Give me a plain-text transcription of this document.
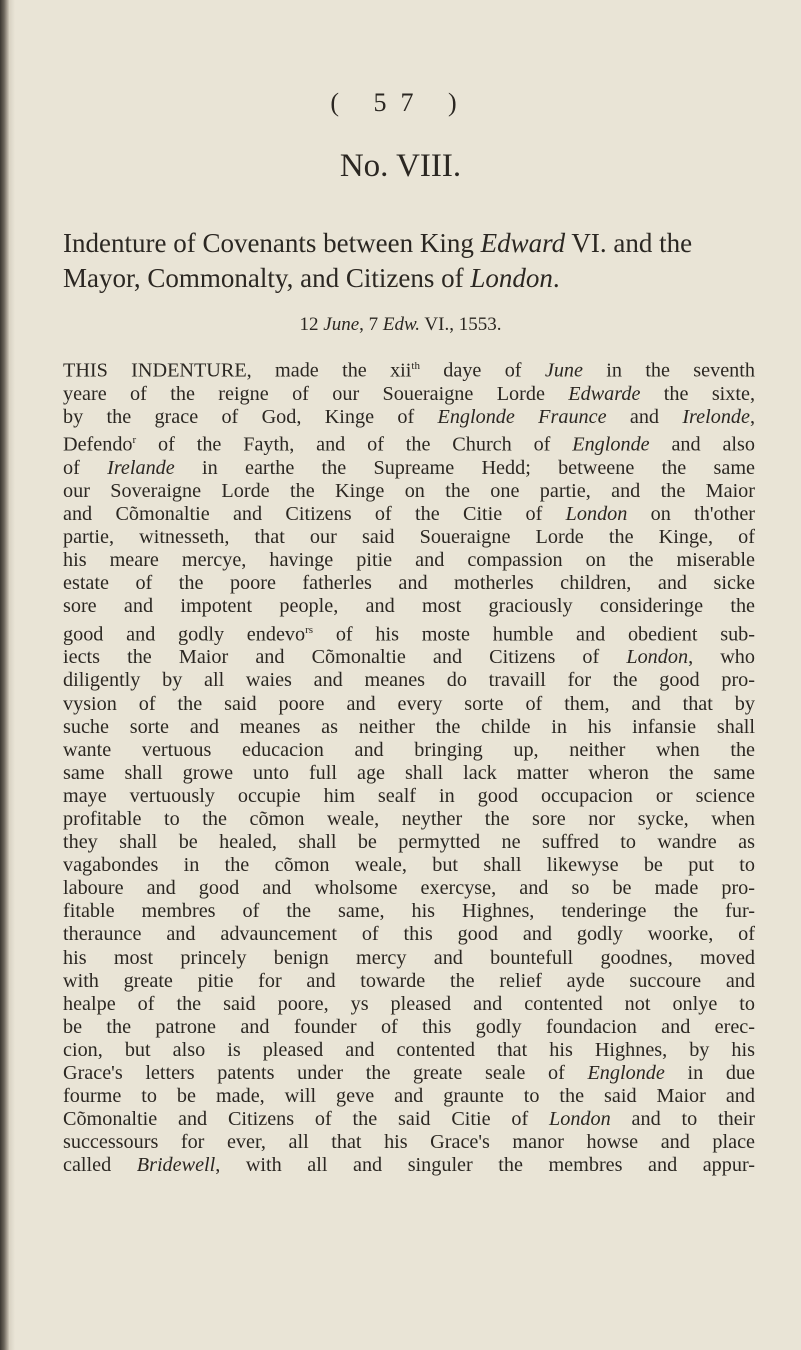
( 57 )
No. VIII.
Indenture of Covenants between King Edward VI. and the Mayor, Commonalty, and Citizens of London.
12 June, 7 Edw. VI., 1553.
THIS INDENTURE, made the xii$^{th}$ daye of June in the seventh
yeare of the reigne of our Soueraigne Lorde Edwarde the sixte,
by the grace of God, Kinge of Englonde Fraunce and Irelonde,
Defendo$^r$ of the Fayth, and of the Church of Englonde and also
of Irelande in earthe the Supreame Hedd; betweene the same
our Soveraigne Lorde the Kinge on the one partie, and the Maior
and Cõmonaltie and Citizens of the Citie of London on th'other
partie, witnesseth, that our said Soueraigne Lorde the Kinge, of
his meare mercye, havinge pitie and compassion on the miserable
estate of the poore fatherles and motherles children, and sicke
sore and impotent people, and most graciously consideringe the
good and godly endevo$^{rs}$ of his moste humble and obedient sub-
iects the Maior and Cõmonaltie and Citizens of London, who
diligently by all waies and meanes do travaill for the good pro-
vysion of the said poore and every sorte of them, and that by
suche sorte and meanes as neither the childe in his infansie shall
wante vertuous educacion and bringing up, neither when the
same shall growe unto full age shall lack matter wheron the same
maye vertuously occupie him sealf in good occupacion or science
profitable to the cõmon weale, neyther the sore nor sycke, when
they shall be healed, shall be permytted ne suffred to wandre as
vagabondes in the cõmon weale, but shall likewyse be put to
laboure and good and wholsome exercyse, and so be made pro-
fitable membres of the same, his Highnes, tenderinge the fur-
theraunce and advauncement of this good and godly woorke, of
his most princely benign mercy and bountefull goodnes, moved
with greate pitie for and towarde the relief ayde succoure and
healpe of the said poore, ys pleased and contented not onlye to
be the patrone and founder of this godly foundacion and erec-
cion, but also is pleased and contented that his Highnes, by his
Grace's letters patents under the greate seale of Englonde in due
fourme to be made, will geve and graunte to the said Maior and
Cõmonaltie and Citizens of the said Citie of London and to their
successours for ever, all that his Grace's manor howse and place
called Bridewell, with all and singuler the membres and appur-
